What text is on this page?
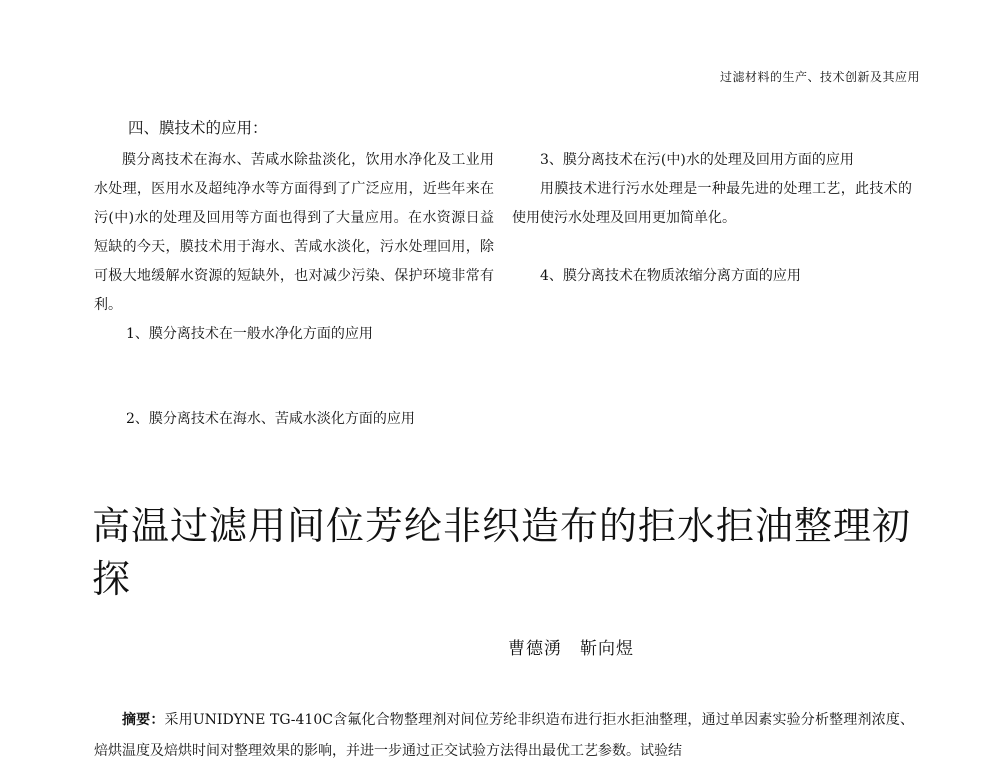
过滤材料的生产、技术创新及其应用
四、膜技术的应用：

膜分离技术在海水、苦咸水除盐淡化，饮用水净化及工业用水处理，医用水及超纯净水等方面得到了广泛应用，近些年来在污(中)水的处理及回用等方面也得到了大量应用。在水资源日益短缺的今天，膜技术用于海水、苦咸水淡化，污水处理回用，除可极大地缓解水资源的短缺外，也对减少污染、保护环境非常有利。

1、膜分离技术在一般水净化方面的应用

2、膜分离技术在海水、苦咸水淡化方面的应用

3、膜分离技术在污(中)水的处理及回用方面的应用

用膜技术进行污水处理是一种最先进的处理工艺，此技术的使用使污水处理及回用更加简单化。

4、膜分离技术在物质浓缩分离方面的应用

高温过滤用间位芳纶非织造布的拒水拒油整理初探
曹德湧　靳向煜
摘要：采用UNIDYNE TG-410C含氟化合物整理剂对间位芳纶非织造布进行拒水拒油整理，通过单因素实验分析整理剂浓度、焙烘温度及焙烘时间对整理效果的影响，并进一步通过正交试验方法得出最优工艺参数。试验结
